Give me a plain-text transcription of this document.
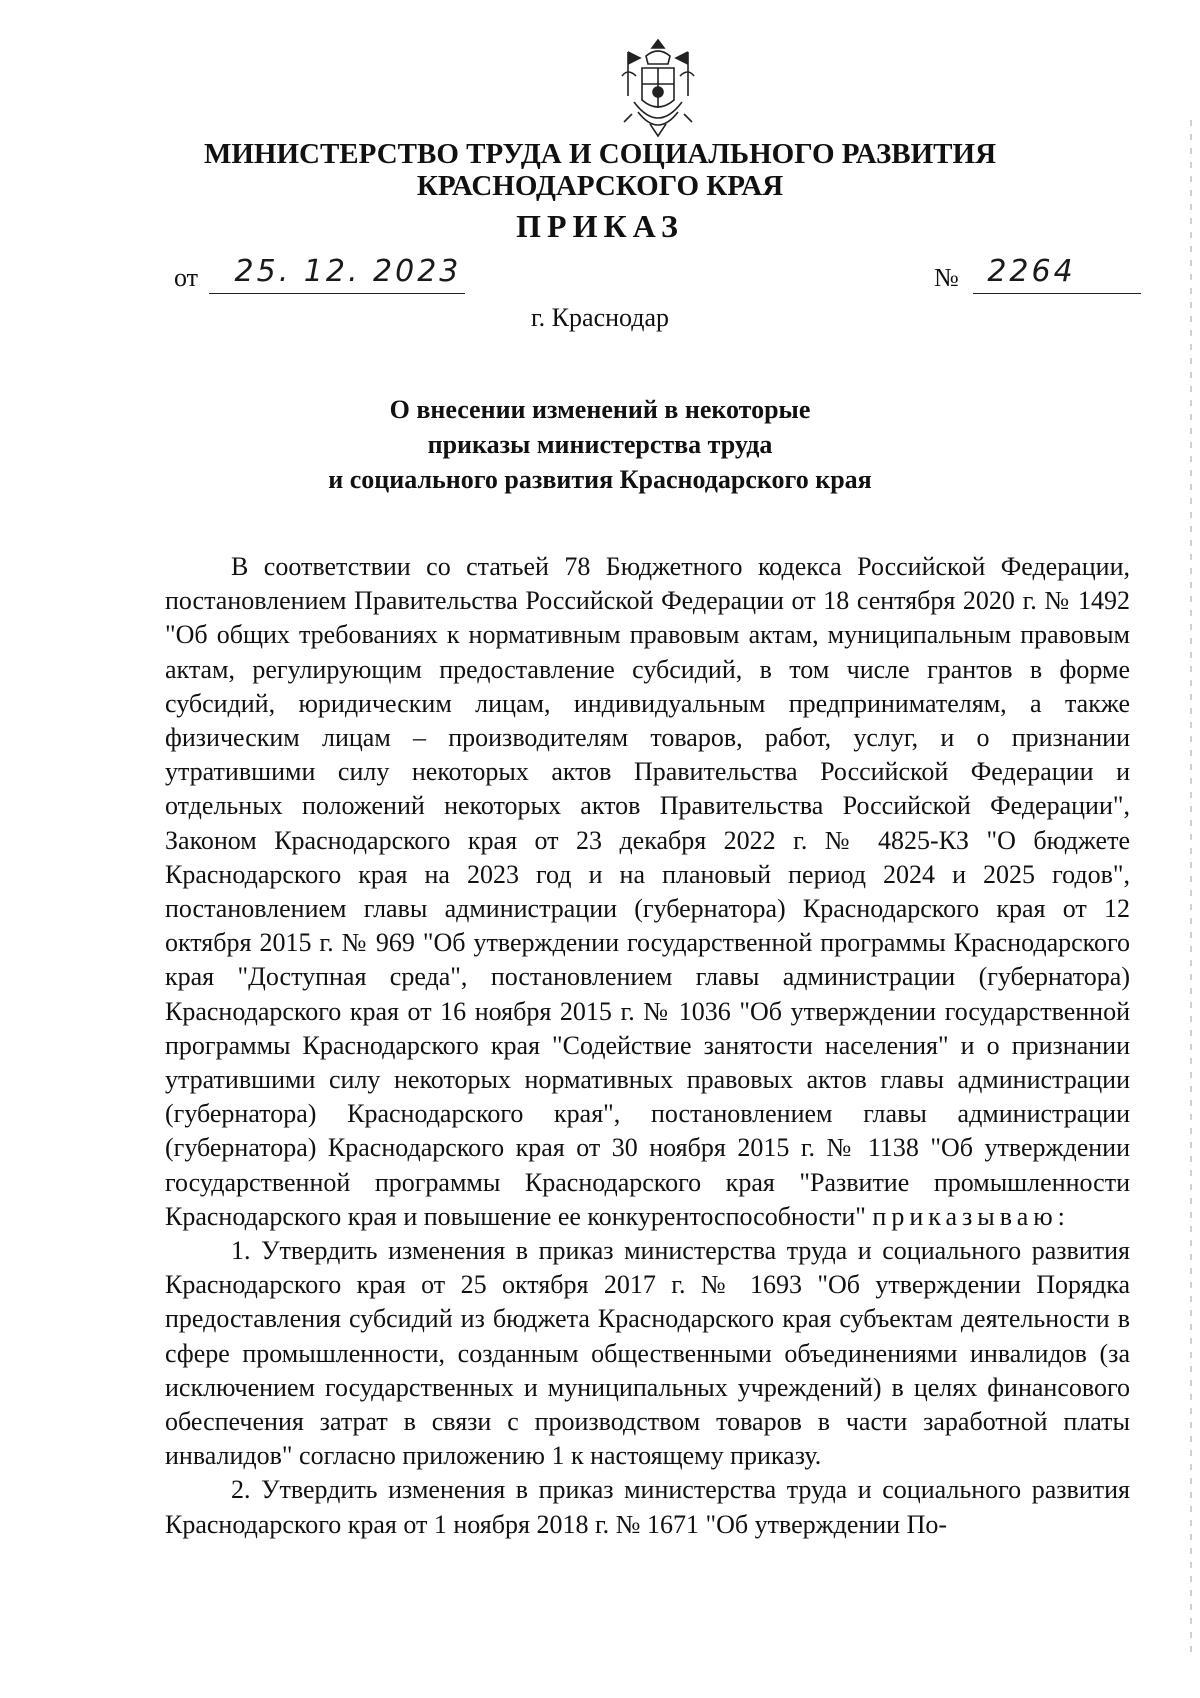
МИНИСТЕРСТВО ТРУДА И СОЦИАЛЬНОГО РАЗВИТИЯ
КРАСНОДАРСКОГО КРАЯ
ПРИКАЗ
от 25. 12. 2023	№ 2264
г. Краснодар
О внесении изменений в некоторые
приказы министерства труда
и социального развития Краснодарского края

В соответствии со статьей 78 Бюджетного кодекса Российской Федерации, постановлением Правительства Российской Федерации от 18 сентября 2020 г. № 1492 "Об общих требованиях к нормативным правовым актам, муниципальным правовым актам, регулирующим предоставление субсидий, в том числе грантов в форме субсидий, юридическим лицам, индивидуальным предпринимателям, а также физическим лицам – производителям товаров, работ, услуг, и о признании утратившими силу некоторых актов Правительства Российской Федерации и отдельных положений некоторых актов Правительства Российской Федерации", Законом Краснодарского края от 23 декабря 2022 г. № 4825-КЗ "О бюджете Краснодарского края на 2023 год и на плановый период 2024 и 2025 годов", постановлением главы администрации (губернатора) Краснодарского края от 12 октября 2015 г. № 969 "Об утверждении государственной программы Краснодарского края "Доступная среда", постановлением главы администрации (губернатора) Краснодарского края от 16 ноября 2015 г. № 1036 "Об утверждении государственной программы Краснодарского края "Содействие занятости населения" и о признании утратившими силу некоторых нормативных правовых актов главы администрации (губернатора) Краснодарского края", постановлением главы администрации (губернатора) Краснодарского края от 30 ноября 2015 г. № 1138 "Об утверждении государственной программы Краснодарского края "Развитие промышленности Краснодарского края и повышение ее конкурентоспособности" приказываю:

1. Утвердить изменения в приказ министерства труда и социального развития Краснодарского края от 25 октября 2017 г. № 1693 "Об утверждении Порядка предоставления субсидий из бюджета Краснодарского края субъектам деятельности в сфере промышленности, созданным общественными объединениями инвалидов (за исключением государственных и муниципальных учреждений) в целях финансового обеспечения затрат в связи с производством товаров в части заработной платы инвалидов" согласно приложению 1 к настоящему приказу.

2. Утвердить изменения в приказ министерства труда и социального развития Краснодарского края от 1 ноября 2018 г. № 1671 "Об утверждении По-
